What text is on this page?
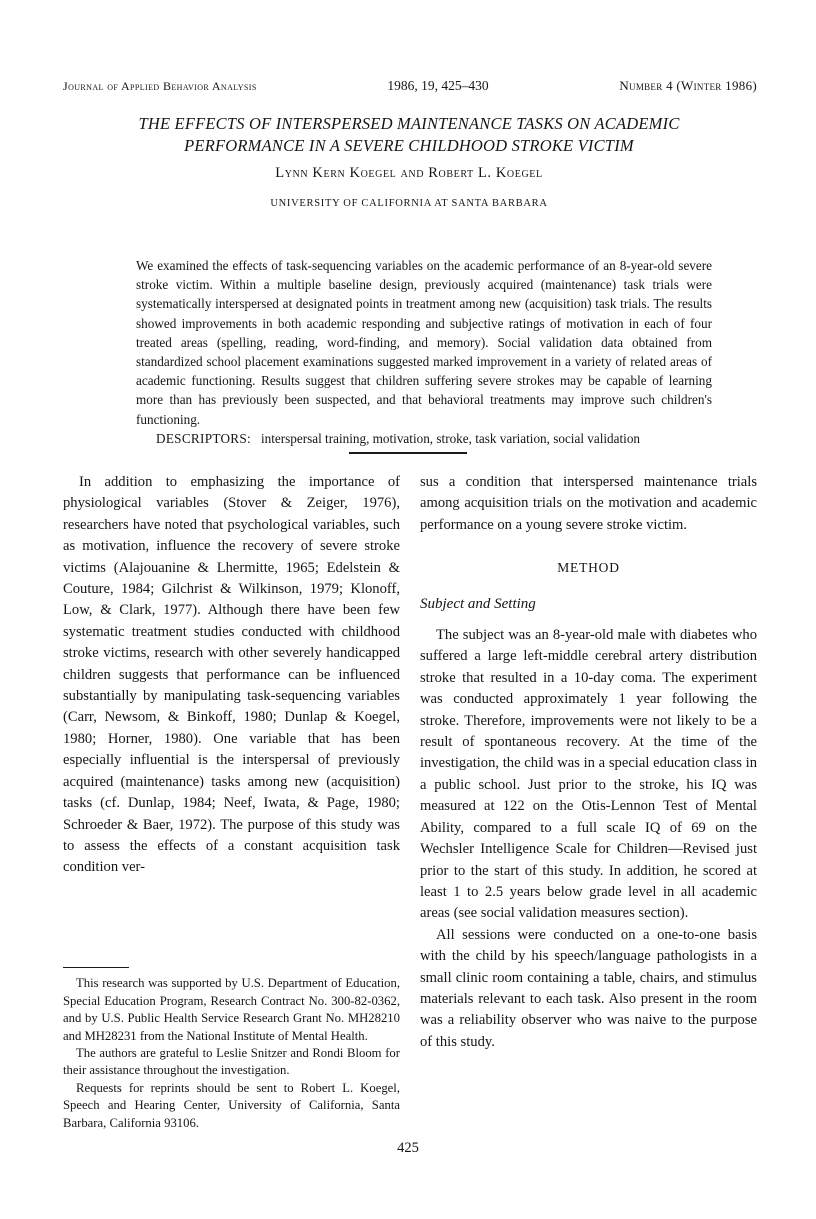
Journal of Applied Behavior Analysis	1986, 19, 425–430	Number 4 (Winter 1986)
THE EFFECTS OF INTERSPERSED MAINTENANCE TASKS ON ACADEMIC
PERFORMANCE IN A SEVERE CHILDHOOD STROKE VICTIM
Lynn Kern Koegel and Robert L. Koegel
UNIVERSITY OF CALIFORNIA AT SANTA BARBARA

We examined the effects of task-sequencing variables on the academic performance of an 8-year-old severe stroke victim. Within a multiple baseline design, previously acquired (maintenance) task trials were systematically interspersed at designated points in treatment among new (acquisition) task trials. The results showed improvements in both academic responding and subjective ratings of motivation in each of four treated areas (spelling, reading, word-finding, and memory). Social validation data obtained from standardized school placement examinations suggested marked improvement in a variety of related areas of academic functioning. Results suggest that children suffering severe strokes may be capable of learning more than has previously been suspected, and that behavioral treatments may improve such children's functioning.

DESCRIPTORS: interspersal training, motivation, stroke, task variation, social validation

In addition to emphasizing the importance of physiological variables (Stover & Zeiger, 1976), researchers have noted that psychological variables, such as motivation, influence the recovery of severe stroke victims (Alajouanine & Lhermitte, 1965; Edelstein & Couture, 1984; Gilchrist & Wilkinson, 1979; Klonoff, Low, & Clark, 1977). Although there have been few systematic treatment studies conducted with childhood stroke victims, research with other severely handicapped children suggests that performance can be influenced substantially by manipulating task-sequencing variables (Carr, Newsom, & Binkoff, 1980; Dunlap & Koegel, 1980; Horner, 1980). One variable that has been especially influential is the interspersal of previously acquired (maintenance) tasks among new (acquisition) tasks (cf. Dunlap, 1984; Neef, Iwata, & Page, 1980; Schroeder & Baer, 1972). The purpose of this study was to assess the effects of a constant acquisition task condition ver-

This research was supported by U.S. Department of Education, Special Education Program, Research Contract No. 300-82-0362, and by U.S. Public Health Service Research Grant No. MH28210 and MH28231 from the National Institute of Mental Health.

The authors are grateful to Leslie Snitzer and Rondi Bloom for their assistance throughout the investigation.

Requests for reprints should be sent to Robert L. Koegel, Speech and Hearing Center, University of California, Santa Barbara, California 93106.

sus a condition that interspersed maintenance trials among acquisition trials on the motivation and academic performance on a young severe stroke victim.

METHOD
Subject and Setting

The subject was an 8-year-old male with diabetes who suffered a large left-middle cerebral artery distribution stroke that resulted in a 10-day coma. The experiment was conducted approximately 1 year following the stroke. Therefore, improvements were not likely to be a result of spontaneous recovery. At the time of the investigation, the child was in a special education class in a public school. Just prior to the stroke, his IQ was measured at 122 on the Otis-Lennon Test of Mental Ability, compared to a full scale IQ of 69 on the Wechsler Intelligence Scale for Children—Revised just prior to the start of this study. In addition, he scored at least 1 to 2.5 years below grade level in all academic areas (see social validation measures section).

All sessions were conducted on a one-to-one basis with the child by his speech/language pathologists in a small clinic room containing a table, chairs, and stimulus materials relevant to each task. Also present in the room was a reliability observer who was naive to the purpose of this study.

425
